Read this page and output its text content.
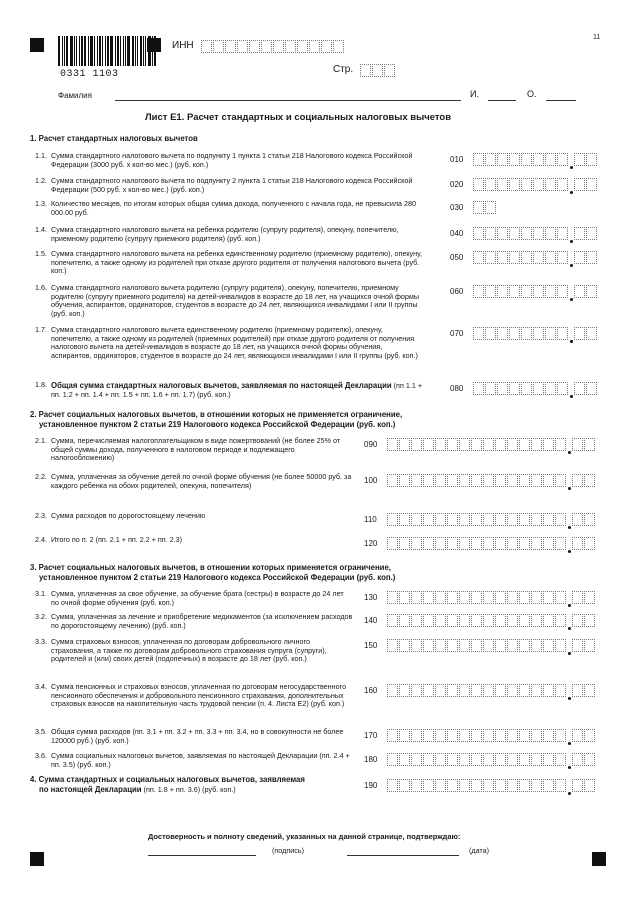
11
0331 1103
ИНН
Стр.
Фамилия	И.	О.
Лист Е1. Расчет стандартных и социальных налоговых вычетов
1. Расчет стандартных налоговых вычетов
1.1. Сумма стандартного налогового вычета по подпункту 1 пункта 1 статьи 218 Налогового кодекса Российской Федерации (3000 руб. х кол-во мес.) (руб. коп.)
010
1.2. Сумма стандартного налогового вычета по подпункту 2 пункта 1 статьи 218 Налогового кодекса Российской Федерации (500 руб. х кол-во мес.) (руб. коп.)
020
1.3. Количество месяцев, по итогам которых общая сумма дохода, полученного с начала года, не превысила 280 000.00 руб.
030
1.4. Сумма стандартного налогового вычета на ребенка родителю (супругу родителя), опекуну, попечителю, приемному родителю (супругу приемного родителя) (руб. коп.)
040
1.5. Сумма стандартного налогового вычета на ребенка единственному родителю (приемному родителю), опекуну, попечителю, а также одному из родителей при отказе другого родителя от получения налогового вычета (руб. коп.)
050
1.6. Сумма стандартного налогового вычета родителю (супругу родителя), опекуну, попечителю, приемному родителю (супругу приемного родителя) на детей-инвалидов в возрасте до 18 лет, на учащихся очной формы обучения, аспирантов, ординаторов, студентов в возрасте до 24 лет, являющихся инвалидами I или II группы (руб. коп.)
060
1.7. Сумма стандартного налогового вычета единственному родителю (приемному родителю), опекуну, попечителю, а также одному из родителей (приемных родителей) при отказе другого родителя от получения налогового вычета на детей-инвалидов в возрасте до 18 лет, на учащихся очной формы обучения, аспирантов, ординаторов, студентов в возрасте до 24 лет, являющихся инвалидами I или II группы (руб. коп.)
070
1.8. Общая сумма стандартных налоговых вычетов, заявляемая по настоящей Декларации (пп 1.1 + пп. 1.2 + пп. 1.4 + пп. 1.5 + пп. 1.6 + пп. 1.7) (руб. коп.)
080
2.1. Сумма, перечисляемая налогоплательщиком в виде пожертвований (не более 25% от общей суммы дохода, полученного в налоговом периоде и подлежащего налогообложению)
090
2.2. Сумма, уплаченная за обучение детей по очной форме обучения (не более 50000 руб. за каждого ребенка на обоих родителей, опекуна, попечителя)
100
2.3. Сумма расходов по дорогостоящему лечению	110
2.4. Итого по п. 2 (пп. 2.1 + пп. 2.2 + пп. 2.3)	120
3.1. Сумма, уплаченная за свое обучение, за обучение брата (сестры) в возрасте до 24 лет по очной форме обучения (руб. коп.)
130
3.2. Сумма, уплаченная за лечение и приобретение медикаментов (за исключением расходов по дорогостоящему лечению) (руб. коп.)
140
3.3. Сумма страховых взносов, уплаченная по договорам добровольного личного страхования, а также по договорам добровольного страхования супруга (супруги), родителей и (или) своих детей (подопечных) в возрасте до 18 лет (руб. коп.)
150
3.4. Сумма пенсионных и страховых взносов, уплаченная по договорам негосударственного пенсионного обеспечения и добровольного пенсионного страхования, дополнительных страховых взносов на накопительную часть трудовой пенсии (п. 4. Листа Е2) (руб. коп.)
160
3.5. Общая сумма расходов (пп. 3.1 + пп. 3.2 + пп. 3.3 + пп. 3.4, но в совокупности не более 120000 руб.) (руб. коп.)
170
3.6. Сумма социальных налоговых вычетов, заявляемая по настоящей Декларации (пп. 2.4 + пп. 3.5) (руб. коп.)
180
2. Расчет социальных налоговых вычетов, в отношении которых не применяется ограничение,
установленное пунктом 2 статьи 219 Налогового кодекса Российской Федерации (руб. коп.)
3. Расчет социальных налоговых вычетов, в отношении которых применяется ограничение,
установленное пунктом 2 статьи 219 Налогового кодекса Российской Федерации (руб. коп.)
4. Сумма стандартных и социальных налоговых вычетов, заявляемая
по настоящей Декларации (пп. 1.8 + пп. 3.6) (руб. коп.)	190
Достоверность и полноту сведений, указанных на данной странице, подтверждаю:
(подпись)	(дата)
